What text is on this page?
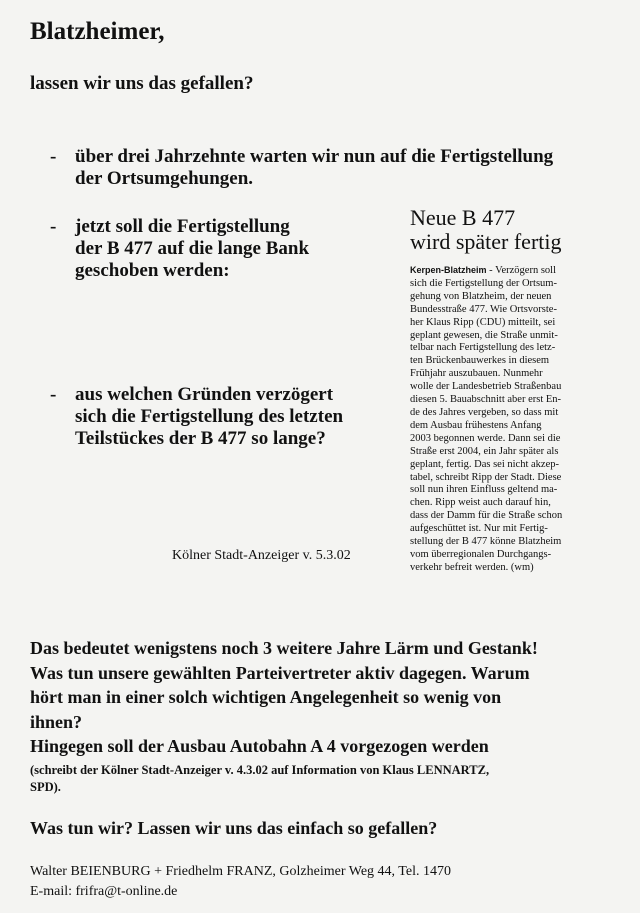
Blatzheimer,
lassen wir uns das gefallen?
- über drei Jahrzehnte warten wir nun auf die Fertigstellung
der Ortsumgehungen.
- jetzt soll die Fertigstellung
der B 477 auf die lange Bank
geschoben werden:
- aus welchen Gründen verzögert
sich die Fertigstellung des letzten
Teilstückes der B 477 so lange?
Kölner Stadt-Anzeiger v. 5.3.02
Neue B 477
wird später fertig
Kerpen-Blatzheim - Verzögern soll
sich die Fertigstellung der Ortsum-
gehung von Blatzheim, der neuen
Bundesstraße 477. Wie Ortsvorste-
her Klaus Ripp (CDU) mitteilt, sei
geplant gewesen, die Straße unmit-
telbar nach Fertigstellung des letz-
ten Brückenbauwerkes in diesem
Frühjahr auszubauen. Nunmehr
wolle der Landesbetrieb Straßenbau
diesen 5. Bauabschnitt aber erst En-
de des Jahres vergeben, so dass mit
dem Ausbau frühestens Anfang
2003 begonnen werde. Dann sei die
Straße erst 2004, ein Jahr später als
geplant, fertig. Das sei nicht akzep-
tabel, schreibt Ripp der Stadt. Diese
soll nun ihren Einfluss geltend ma-
chen. Ripp weist auch darauf hin,
dass der Damm für die Straße schon
aufgeschüttet ist. Nur mit Fertig-
stellung der B 477 könne Blatzheim
vom überregionalen Durchgangs-
verkehr befreit werden. (wm)
Das bedeutet wenigstens noch 3 weitere Jahre Lärm und Gestank!
Was tun unsere gewählten Parteivertreter aktiv dagegen. Warum
hört man in einer solch wichtigen Angelegenheit so wenig von
ihnen?
Hingegen soll der Ausbau Autobahn A 4 vorgezogen werden
(schreibt der Kölner Stadt-Anzeiger v. 4.3.02 auf Information von Klaus LENNARTZ,
SPD).
Was tun wir? Lassen wir uns das einfach so gefallen?
Walter BEIENBURG + Friedhelm FRANZ, Golzheimer Weg 44, Tel. 1470
E-mail: frifra@t-online.de
